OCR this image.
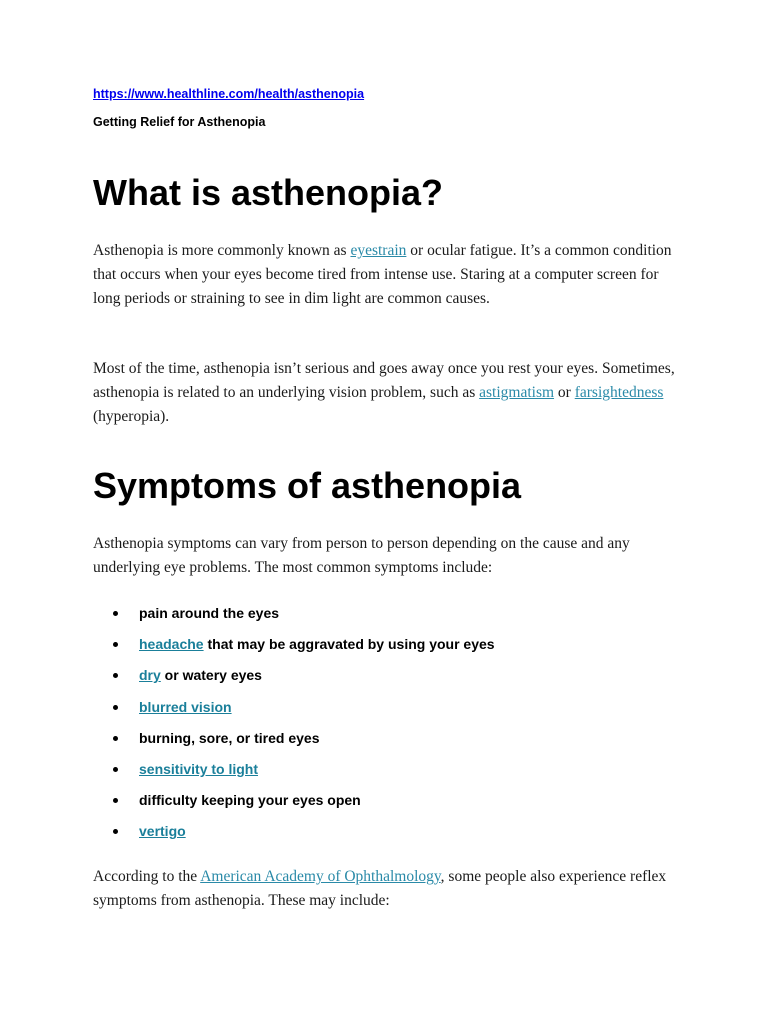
https://www.healthline.com/health/asthenopia
Getting Relief for Asthenopia
What is asthenopia?

Asthenopia is more commonly known as eyestrain or ocular fatigue. It’s a common condition that occurs when your eyes become tired from intense use. Staring at a computer screen for long periods or straining to see in dim light are common causes.

Most of the time, asthenopia isn’t serious and goes away once you rest your eyes. Sometimes, asthenopia is related to an underlying vision problem, such as astigmatism or farsightedness (hyperopia).

Symptoms of asthenopia

Asthenopia symptoms can vary from person to person depending on the cause and any underlying eye problems. The most common symptoms include:

pain around the eyes
headache that may be aggravated by using your eyes
dry or watery eyes
blurred vision
burning, sore, or tired eyes
sensitivity to light
difficulty keeping your eyes open
vertigo

According to the American Academy of Ophthalmology, some people also experience reflex symptoms from asthenopia. These may include:
